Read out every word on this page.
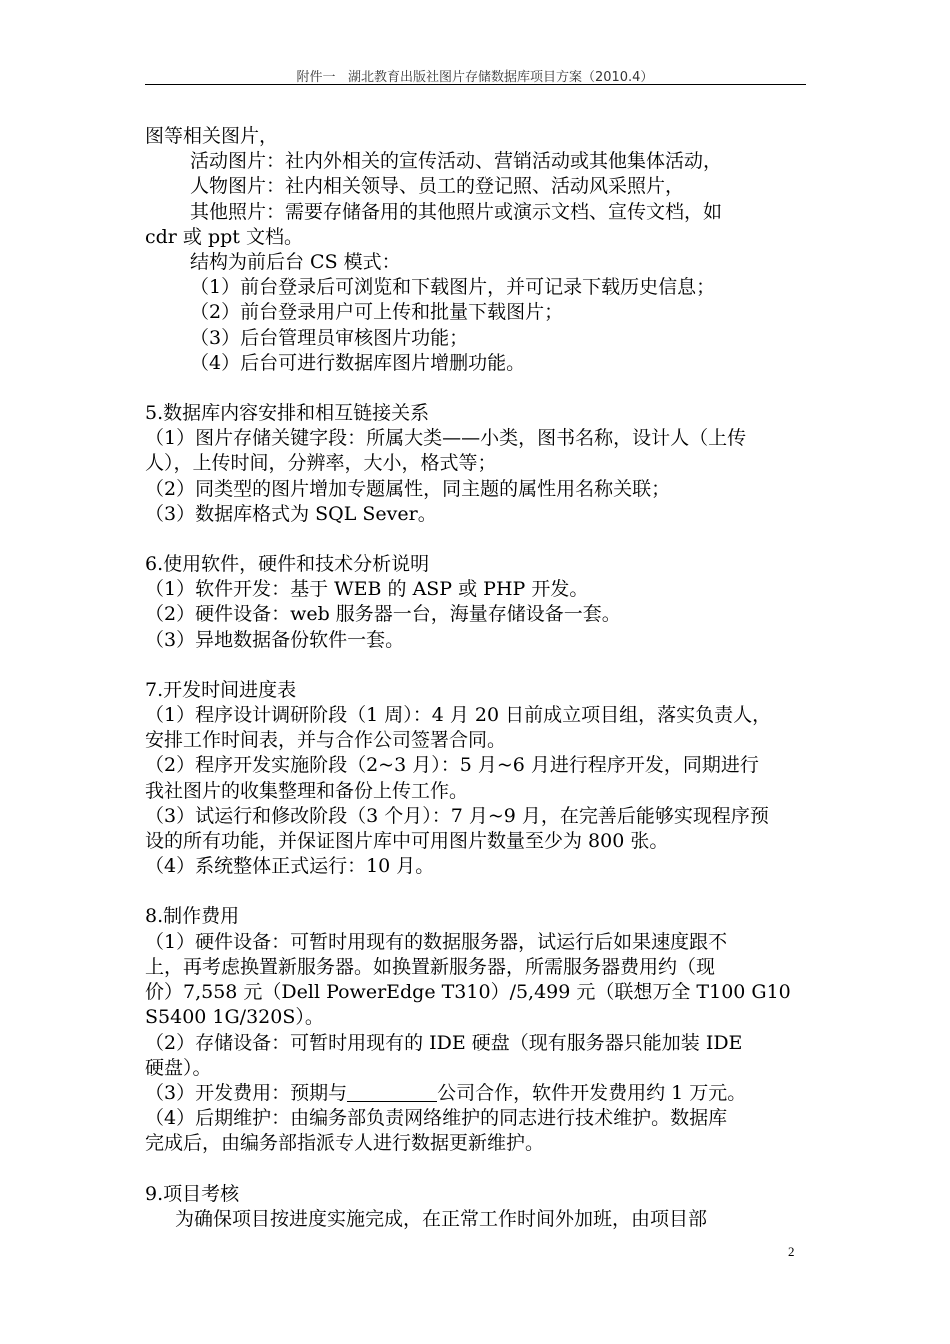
附件一   湖北教育出版社图片存储数据库项目方案（2010.4）

图等相关图片，

活动图片：社内外相关的宣传活动、营销活动或其他集体活动，

人物图片：社内相关领导、员工的登记照、活动风采照片，

其他照片：需要存储备用的其他照片或演示文档、宣传文档，如

cdr 或 ppt 文档。

结构为前后台 CS 模式：

（1）前台登录后可浏览和下载图片，并可记录下载历史信息；

（2）前台登录用户可上传和批量下载图片；

（3）后台管理员审核图片功能；

（4）后台可进行数据库图片增删功能。

5.数据库内容安排和相互链接关系

（1）图片存储关键字段：所属大类——小类，图书名称，设计人（上传

人），上传时间，分辨率，大小，格式等；

（2）同类型的图片增加专题属性，同主题的属性用名称关联；

（3）数据库格式为 SQL Sever。

6.使用软件，硬件和技术分析说明

（1）软件开发：基于 WEB 的 ASP 或 PHP 开发。

（2）硬件设备：web 服务器一台，海量存储设备一套。

（3）异地数据备份软件一套。

7.开发时间进度表

（1）程序设计调研阶段（1 周）：4 月 20 日前成立项目组，落实负责人，

安排工作时间表，并与合作公司签署合同。

（2）程序开发实施阶段（2~3 月）：5 月~6 月进行程序开发，同期进行

我社图片的收集整理和备份上传工作。

（3）试运行和修改阶段（3 个月）：7 月~9 月，在完善后能够实现程序预

设的所有功能，并保证图片库中可用图片数量至少为 800 张。

（4）系统整体正式运行：10 月。

8.制作费用

（1）硬件设备：可暂时用现有的数据服务器，试运行后如果速度跟不

上，再考虑换置新服务器。如换置新服务器，所需服务器费用约（现

价）7,558 元（Dell PowerEdge T310）/5,499 元（联想万全 T100 G10

S5400 1G/320S）。

（2）存储设备：可暂时用现有的 IDE 硬盘（现有服务器只能加装 IDE

硬盘）。

（3）开发费用：预期与	公司合作，软件开发费用约 1 万元。

（4）后期维护：由编务部负责网络维护的同志进行技术维护。数据库

完成后，由编务部指派专人进行数据更新维护。

9.项目考核

为确保项目按进度实施完成，在正常工作时间外加班，由项目部

2
